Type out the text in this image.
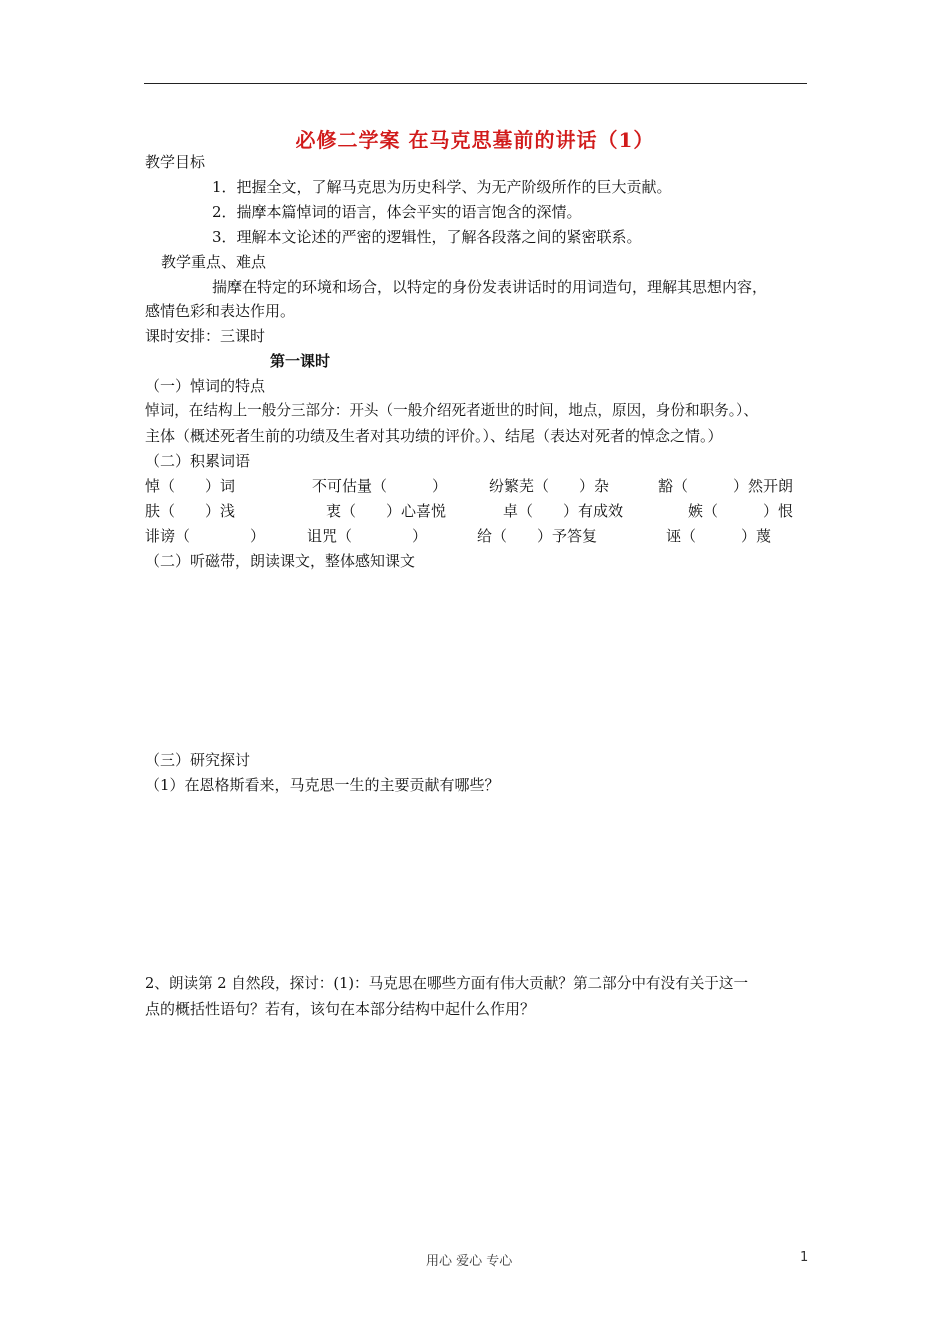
必修二学案 在马克思墓前的讲话（1）
教学目标
1．把握全文，了解马克思为历史科学、为无产阶级所作的巨大贡献。
2．揣摩本篇悼词的语言，体会平实的语言饱含的深情。
3．理解本文论述的严密的逻辑性，了解各段落之间的紧密联系。
教学重点、难点
揣摩在特定的环境和场合，以特定的身份发表讲话时的用词造句，理解其思想内容，
感情色彩和表达作用。
课时安排：三课时
第一课时
（一）悼词的特点
悼词，在结构上一般分三部分：开头（一般介绍死者逝世的时间，地点，原因，身份和职务。）、
主体（概述死者生前的功绩及生者对其功绩的评价。）、结尾（表达对死者的悼念之情。）
（二）积累词语
悼（　　）词	不可估量（　　　）	纷繁芜（　　）杂	豁（　　　）然开朗
肤（　　）浅	衷（　　）心喜悦	卓（　　）有成效	嫉（　　　）恨
诽谤（　　　　）	诅咒（　　　　）	给（　　）予答复	诬（　　　）蔑
（二）听磁带，朗读课文，整体感知课文
（三）研究探讨
（1）在恩格斯看来，马克思一生的主要贡献有哪些？
2、朗读第 2 自然段，探讨：(1)：马克思在哪些方面有伟大贡献？第二部分中有没有关于这一
点的概括性语句？若有，该句在本部分结构中起什么作用？
用心 爱心 专心	1
